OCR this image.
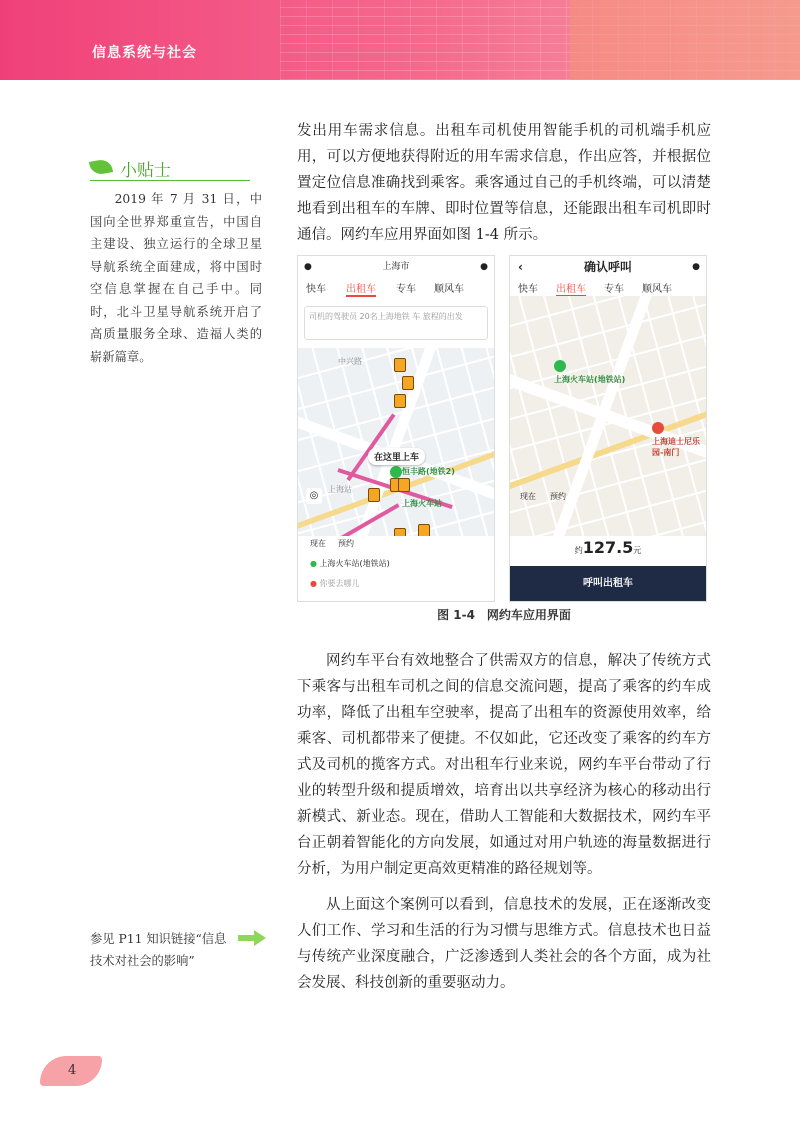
信息系统与社会

发出用车需求信息。出租车司机使用智能手机的司机端手机应用，可以方便地获得附近的用车需求信息，作出应答，并根据位置定位信息准确找到乘客。乘客通过自己的手机终端，可以清楚地看到出租车的车牌、即时位置等信息，还能跟出租车司机即时通信。网约车应用界面如图 1-4 所示。

小贴士

2019 年 7 月 31 日，中国向全世界郑重宣告，中国自主建设、独立运行的全球卫星导航系统全面建成，将中国时空信息掌握在自己手中。同时，北斗卫星导航系统开启了高质量服务全球、造福人类的崭新篇章。

●	上海市	●
快车 出租车 专车 顺风车
司机的驾驶员 20名上海地铁 车 旅程的出发
在这里上车
上海站
上海火车站
恒丰路(地铁2)
中兴路
◎
现在 预约
● 上海火车站(地铁站)
● 你要去哪儿
‹	确认呼叫	●
快车 出租车 专车 顺风车
上海火车站(地铁站)
上海迪士尼乐园-南门
现在 预约
约127.5元
呼叫出租车
图 1-4　网约车应用界面

网约车平台有效地整合了供需双方的信息，解决了传统方式下乘客与出租车司机之间的信息交流问题，提高了乘客的约车成功率，降低了出租车空驶率，提高了出租车的资源使用效率，给乘客、司机都带来了便捷。不仅如此，它还改变了乘客的约车方式及司机的揽客方式。对出租车行业来说，网约车平台带动了行业的转型升级和提质增效，培育出以共享经济为核心的移动出行新模式、新业态。现在，借助人工智能和大数据技术，网约车平台正朝着智能化的方向发展，如通过对用户轨迹的海量数据进行分析，为用户制定更高效更精准的路径规划等。

从上面这个案例可以看到，信息技术的发展，正在逐渐改变人们工作、学习和生活的行为习惯与思维方式。信息技术也日益与传统产业深度融合，广泛渗透到人类社会的各个方面，成为社会发展、科技创新的重要驱动力。

参见 P11 知识链接“信息技术对社会的影响”

4
